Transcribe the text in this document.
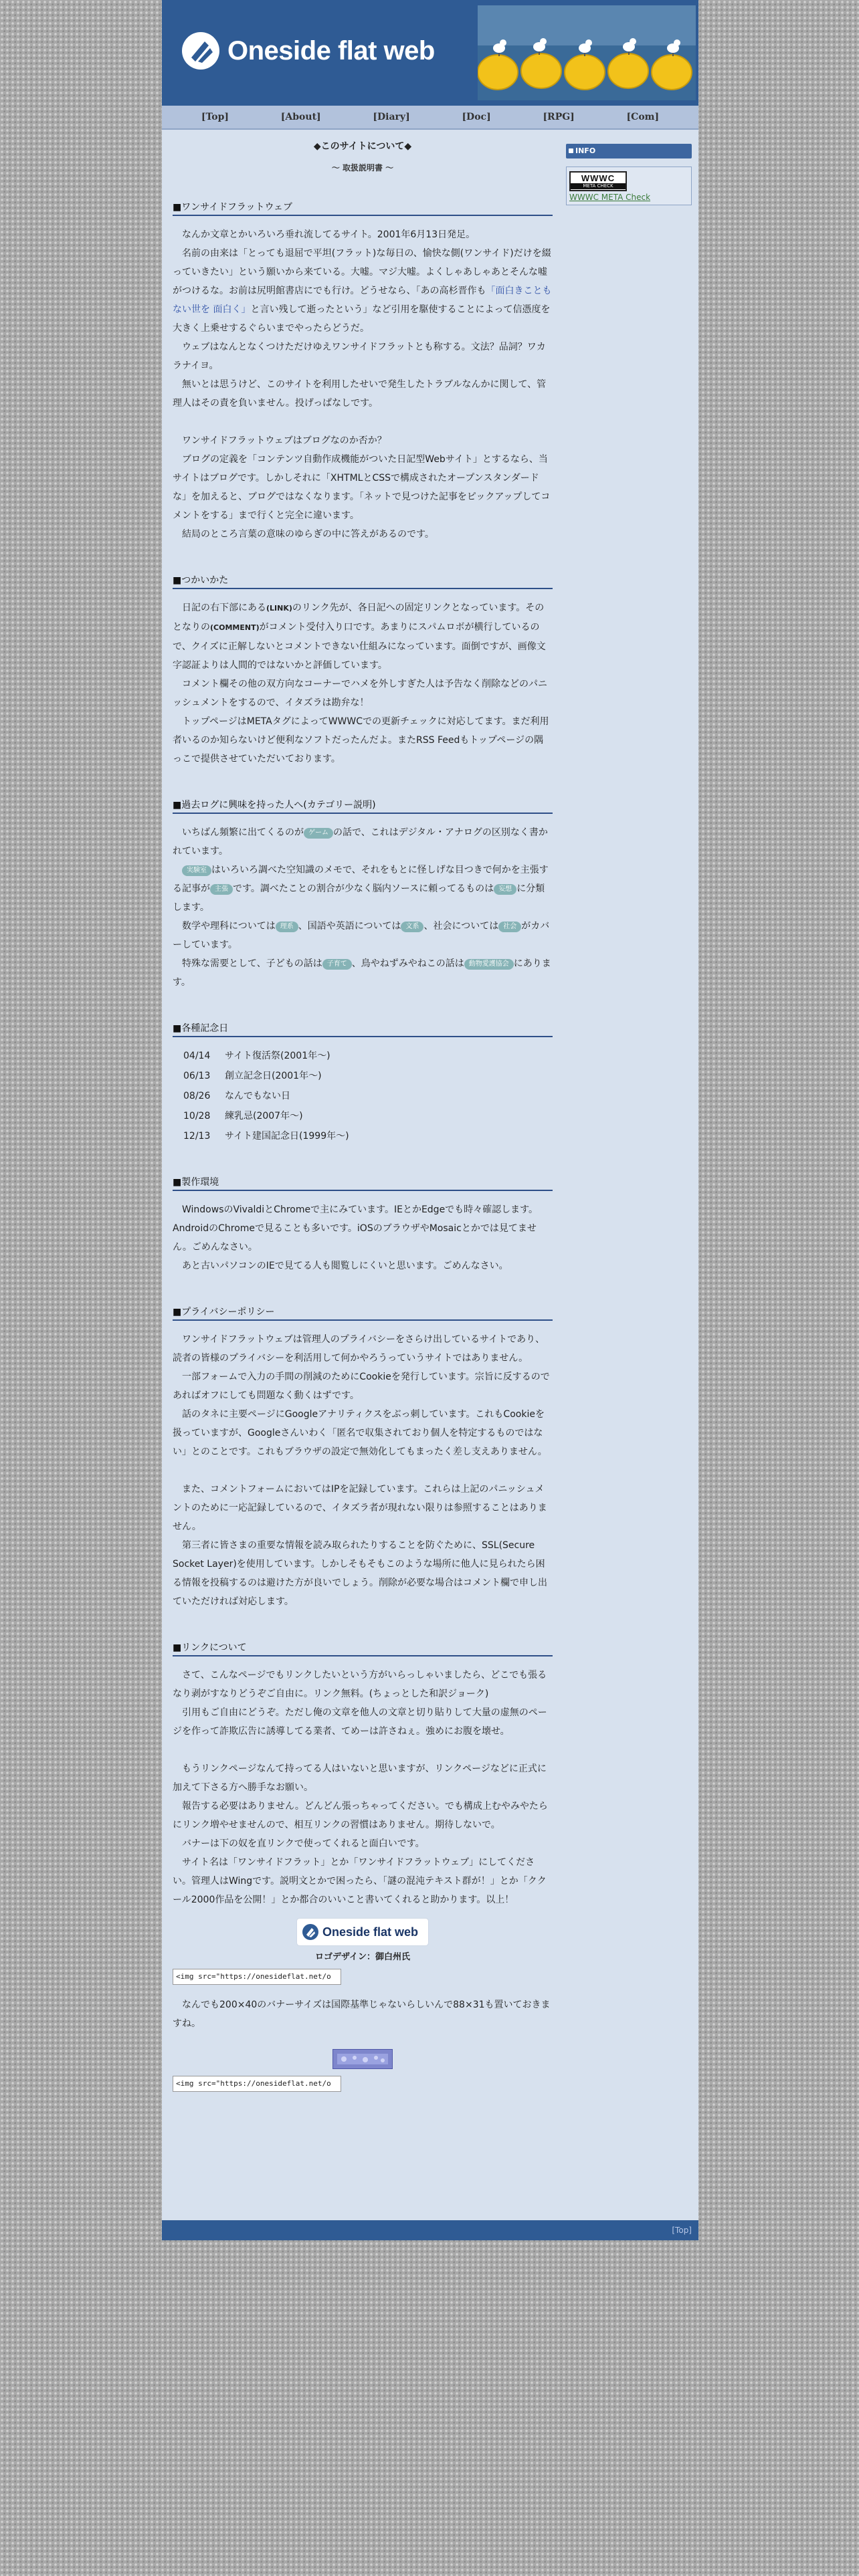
Oneside flat web
[Top]	[About]	[Diary]	[Doc]	[RPG]	[Com]
◆このサイトについて◆
〜 取扱説明書 〜
■ワンサイドフラットウェブ

なんか文章とかいろいろ垂れ流してるサイト。2001年6月13日発足。

名前の由来は「とっても退屈で平坦(フラット)な毎日の、愉快な側(ワンサイド)だけを綴っていきたい」という願いから来ている。大嘘。マジ大嘘。よくしゃあしゃあとそんな嘘がつけるな。お前は尻明館書店にでも行け。どうせなら、「あの高杉晋作も「面白きこともない世を 面白く」と言い残して逝ったという」など引用を駆使することによって信憑度を大きく上乗せするぐらいまでやったらどうだ。

ウェブはなんとなくつけただけゆえワンサイドフラットとも称する。文法？品詞？ワカラナイヨ。

無いとは思うけど、このサイトを利用したせいで発生したトラブルなんかに関して、管理人はその責を負いません。投げっぱなしです。

ワンサイドフラットウェブはブログなのか否か？

ブログの定義を「コンテンツ自動作成機能がついた日記型Webサイト」とするなら、当サイトはブログです。しかしそれに「XHTMLとCSSで構成されたオープンスタンダードな」を加えると、ブログではなくなります。「ネットで見つけた記事をピックアップしてコメントをする」まで行くと完全に違います。

結局のところ言葉の意味のゆらぎの中に答えがあるのです。

■つかいかた

日記の右下部にある(LINK)のリンク先が、各日記への固定リンクとなっています。そのとなりの(COMMENT)がコメント受付入り口です。あまりにスパムロボが横行しているので、クイズに正解しないとコメントできない仕組みになっています。面倒ですが、画像文字認証よりは人間的ではないかと評価しています。

コメント欄その他の双方向なコーナーでハメを外しすぎた人は予告なく削除などのパニッシュメントをするので、イタズラは勘弁な！

トップページはMETAタグによってWWWCでの更新チェックに対応してます。まだ利用者いるのか知らないけど便利なソフトだったんだよ。またRSS Feedもトップページの隅っこで提供させていただいております。

■過去ログに興味を持った人へ(カテゴリー説明)

いちばん頻繁に出てくるのが ゲーム の話で、これはデジタル・アナログの区別なく書かれています。

実験室 はいろいろ調べた空知識のメモで、それをもとに怪しげな目つきで何かを主張する記事が 主張 です。調べたことの割合が少なく脳内ソースに頼ってるものは 妄想 に分類します。

数学や理科については 理系 、国語や英語については 文系 、社会については 社会 がカバーしています。

特殊な需要として、子どもの話は 子育て 、鳥やねずみやねこの話は 動物愛護協会 にあります。

■各種記念日
04/14 サイト復活祭(2001年〜)
06/13 創立記念日(2001年〜)
08/26 なんでもない日
10/28 練乳忌(2007年〜)
12/13 サイト建国記念日(1999年〜)
■製作環境

WindowsのVivaldiとChromeで主にみています。IEとかEdgeでも時々確認します。AndroidのChromeで見ることも多いです。iOSのブラウザやMosaicとかでは見てません。ごめんなさい。

あと古いパソコンのIEで見てる人も閲覧しにくいと思います。ごめんなさい。

■プライバシーポリシー

ワンサイドフラットウェブは管理人のプライバシーをさらけ出しているサイトであり、読者の皆様のプライバシーを利活用して何かやろうっていうサイトではありません。

一部フォームで入力の手間の削減のためにCookieを発行しています。宗旨に反するのであればオフにしても問題なく動くはずです。

話のタネに主要ページにGoogleアナリティクスをぶっ刺しています。これもCookieを扱っていますが、Googleさんいわく「匿名で収集されており個人を特定するものではない」とのことです。これもブラウザの設定で無効化してもまったく差し支えありません。

また、コメントフォームにおいてはIPを記録しています。これらは上記のパニッシュメントのために一応記録しているので、イタズラ者が現れない限りは参照することはありません。

第三者に皆さまの重要な情報を読み取られたりすることを防ぐために、SSL(Secure Socket Layer)を使用しています。しかしそもそもこのような場所に他人に見られたら困る情報を投稿するのは避けた方が良いでしょう。削除が必要な場合はコメント欄で申し出ていただければ対応します。

■リンクについて

さて、こんなページでもリンクしたいという方がいらっしゃいましたら、どこでも張るなり剥がすなりどうぞご自由に。リンク無料。(ちょっとした和訳ジョーク)

引用もご自由にどうぞ。ただし俺の文章を他人の文章と切り貼りして大量の虚無のページを作って詐欺広告に誘導してる業者、てめーは許さねぇ。強めにお腹を壊せ。

もうリンクページなんて持ってる人はいないと思いますが、リンクページなどに正式に加えて下さる方へ勝手なお願い。

報告する必要はありません。どんどん張っちゃってください。でも構成上むやみやたらにリンク増やせませんので、相互リンクの習慣はありません。期待しないで。

バナーは下の奴を直リンクで使ってくれると面白いです。

サイト名は「ワンサイドフラット」とか「ワンサイドフラットウェブ」にしてください。管理人はWingです。説明文とかで困ったら、「謎の混沌テキスト群が！」とか「ククール2000作品を公開！」とか都合のいいこと書いてくれると助かります。以上！

Oneside flat web
ロゴデザイン：御白州氏
<img src="https://onesideflat.net/o

なんでも200×40のバナーサイズは国際基準じゃないらしいんで88×31も置いておきますね。

<img src="https://onesideflat.net/o
INFO
WWWC
META CHECK
WWWC META Check
[Top]
